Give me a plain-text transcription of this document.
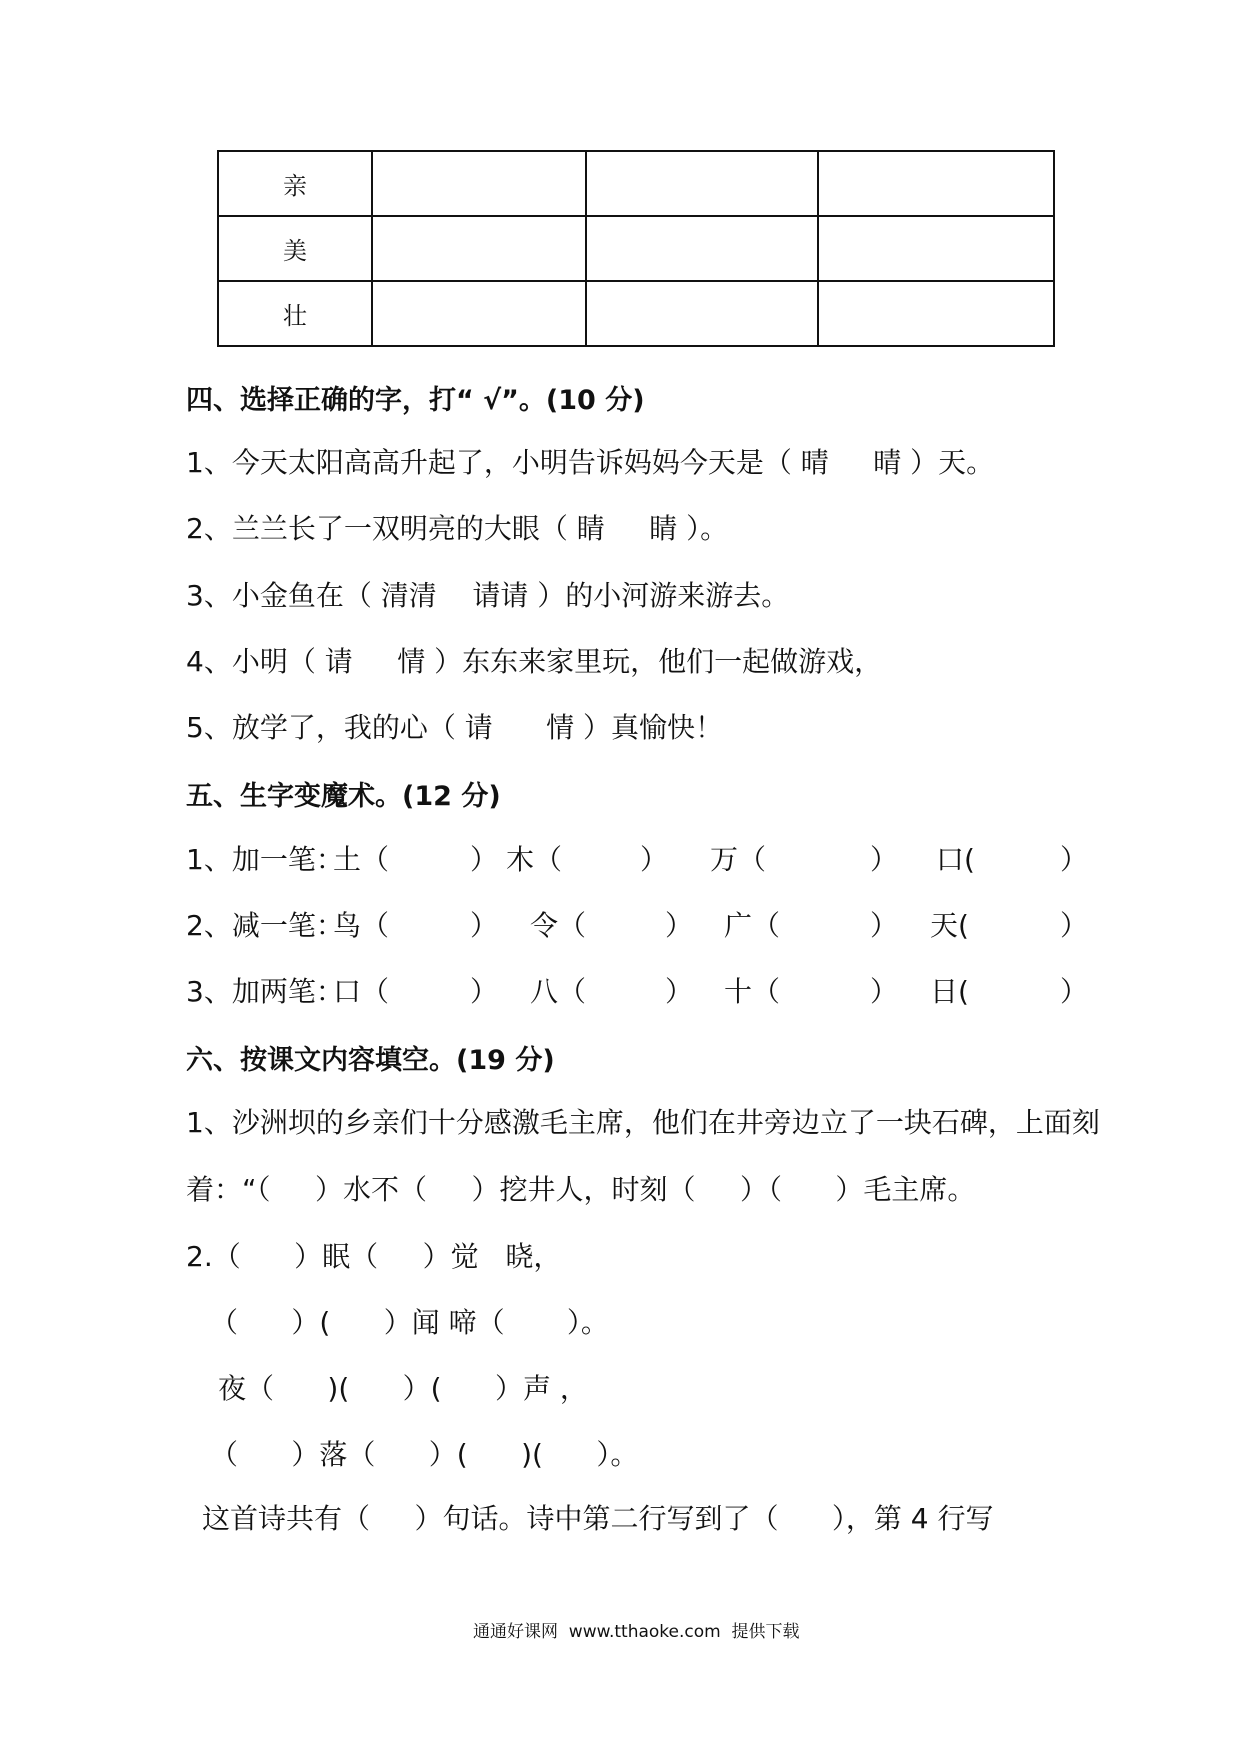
亲			
美			
壮			
四、选择正确的字，打“ √”。(10 分)
1、今天太阳高高升起了，小明告诉妈妈今天是（ 晴     晴 ）天。
2、兰兰长了一双明亮的大眼（ 睛     睛 ）。
3、小金鱼在（ 清清    请请 ）的小河游来游去。
4、小明（ 请     情 ）东东来家里玩，他们一起做游戏，
5、放学了，我的心（ 请      情 ）真愉快！
五、生字变魔术。(12 分)
1、加一笔：
土（	） 木（	） 万（	） 口(	）
2、减一笔：
鸟（	） 令（	） 广（	） 天(	）
3、加两笔：
口（	） 八（	） 十（	） 日(	）
六、按课文内容填空。(19 分)
1、沙洲坝的乡亲们十分感激毛主席，他们在井旁边立了一块石碑，上面刻
着：“（     ）水不（     ）挖井人，时刻（     ）（      ）毛主席。
2.（      ）眠（     ）觉   晓，
（      ）(      ）闻 啼（       ）。
夜（      )(      ）(      ）声 ，
（      ）落（      ）(      )(      ）。
这首诗共有（     ）句话。诗中第二行写到了（      ），第 4 行写
通通好课网  www.tthaoke.com  提供下载
